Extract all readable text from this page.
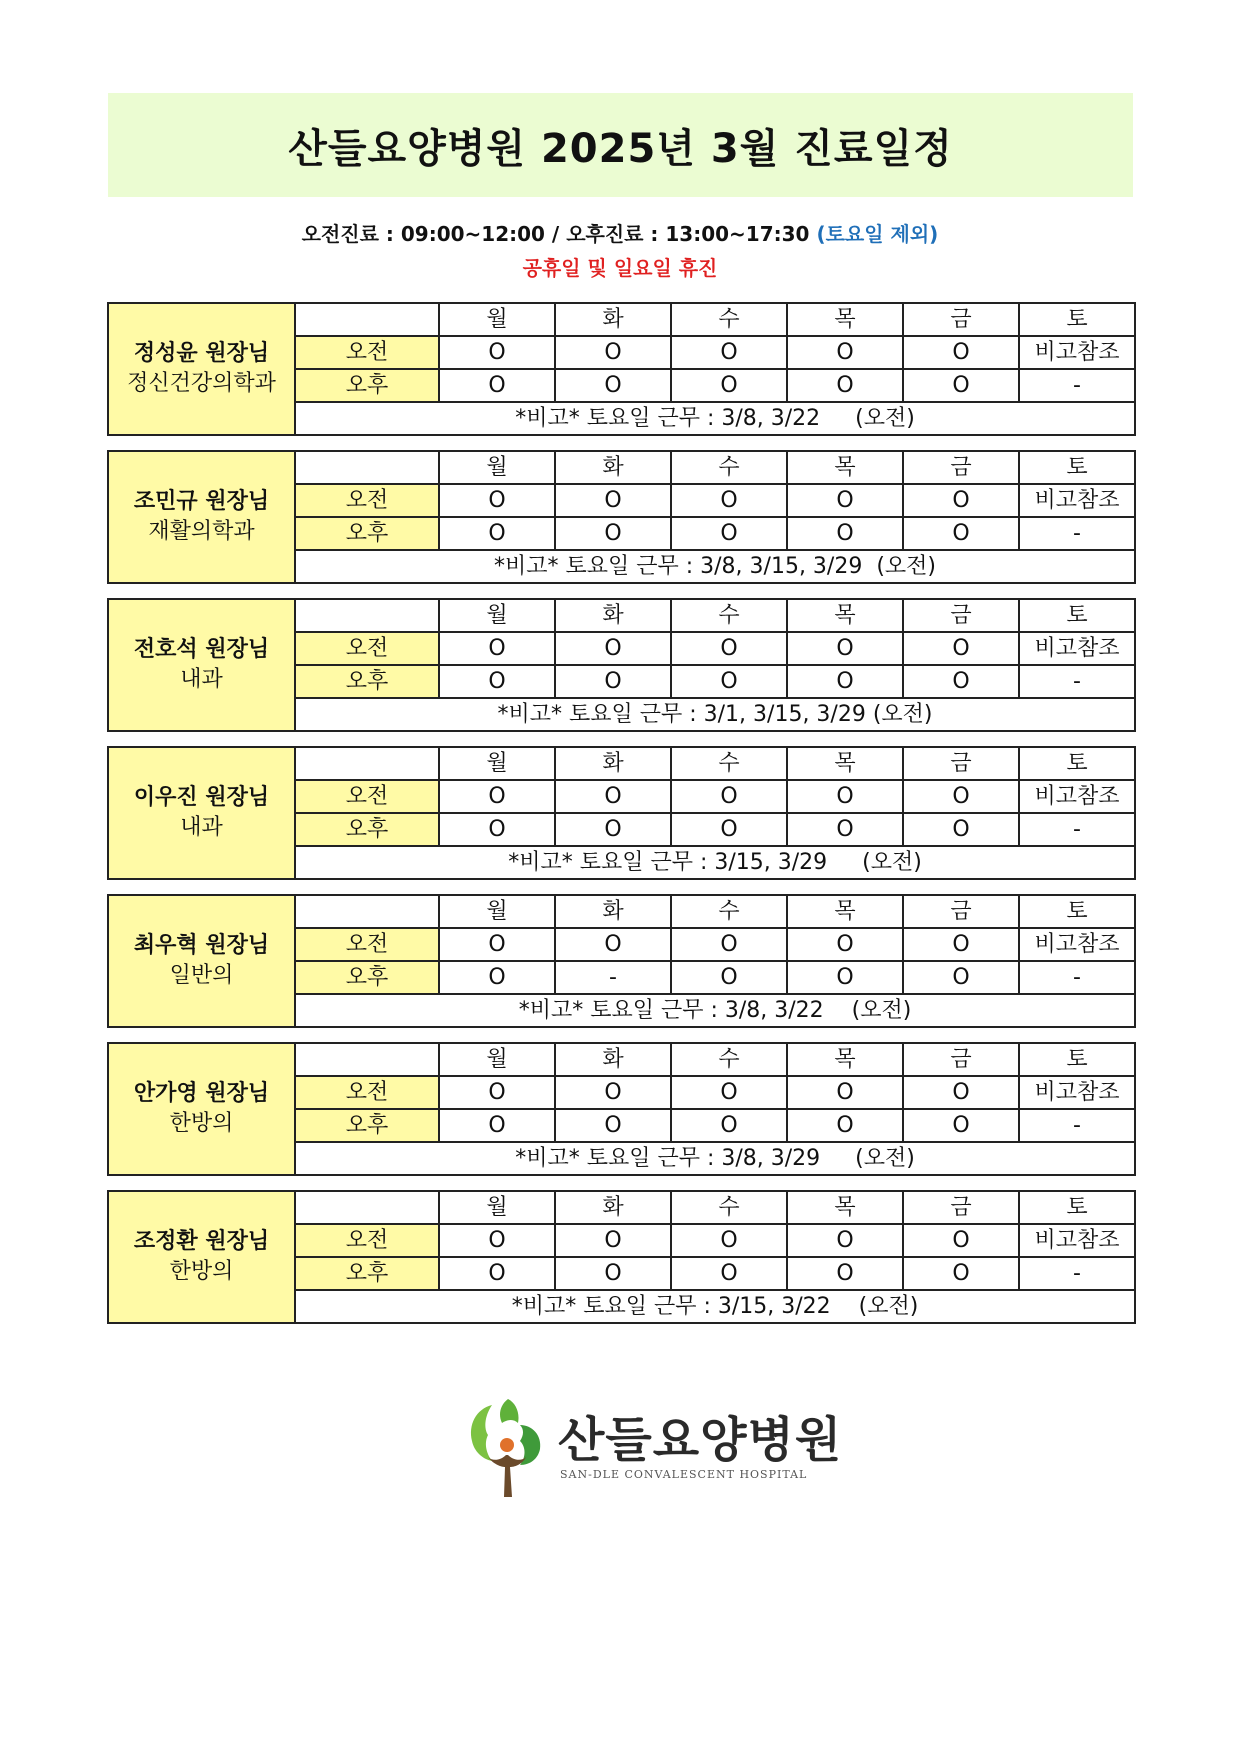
산들요양병원 2025년 3월 진료일정
오전진료 : 09:00~12:00 / 오후진료 : 13:00~17:30 (토요일 제외)
공휴일 및 일요일 휴진
정성윤 원장님
정신건강의학과		월	화	수	목	금	토
	오전	O	O	O	O	O	비고참조
	오후	O	O	O	O	O	-
	*비고* 토요일 근무 : 3/8, 3/22     (오전)						
조민규 원장님
재활의학과		월	화	수	목	금	토
	오전	O	O	O	O	O	비고참조
	오후	O	O	O	O	O	-
	*비고* 토요일 근무 : 3/8, 3/15, 3/29  (오전)						
전호석 원장님
내과		월	화	수	목	금	토
	오전	O	O	O	O	O	비고참조
	오후	O	O	O	O	O	-
	*비고* 토요일 근무 : 3/1, 3/15, 3/29 (오전)						
이우진 원장님
내과		월	화	수	목	금	토
	오전	O	O	O	O	O	비고참조
	오후	O	O	O	O	O	-
	*비고* 토요일 근무 : 3/15, 3/29     (오전)						
최우혁 원장님
일반의		월	화	수	목	금	토
	오전	O	O	O	O	O	비고참조
	오후	O	-	O	O	O	-
	*비고* 토요일 근무 : 3/8, 3/22    (오전)						
안가영 원장님
한방의		월	화	수	목	금	토
	오전	O	O	O	O	O	비고참조
	오후	O	O	O	O	O	-
	*비고* 토요일 근무 : 3/8, 3/29     (오전)						
조정환 원장님
한방의		월	화	수	목	금	토
	오전	O	O	O	O	O	비고참조
	오후	O	O	O	O	O	-
	*비고* 토요일 근무 : 3/15, 3/22    (오전)						
산들요양병원
SAN-DLE CONVALESCENT HOSPITAL
